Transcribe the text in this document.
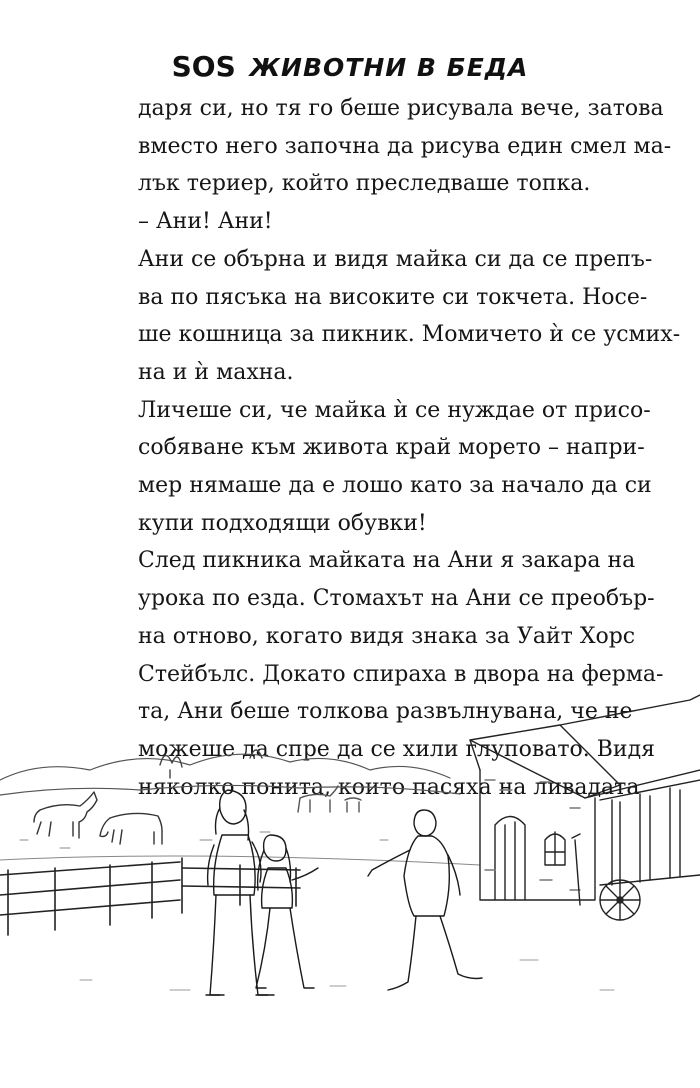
SOS ЖИВОТНИ В БЕДА

даря си, но тя го беше рисувала вече, затова
вместо него започна да рисува един смел ма-
лък териер, който преследваше топка.

– Ани! Ани!

Ани се обърна и видя майка си да се препъ-
ва по пясъка на високите си токчета. Носе-
ше кошница за пикник. Момичето ѝ се усмих-
на и ѝ махна.

Личеше си, че майка ѝ се нуждае от присо-
собяване към живота край морето – напри-
мер нямаше да е лошо като за начало да си
купи подходящи обувки!

След пикника майката на Ани я закара на
урока по езда. Стомахът на Ани се преобър-
на отново, когато видя знака за Уайт Хорс
Стейбълс. Докато спираха в двора на ферма-
та, Ани беше толкова развълнувана, че не
можеше да спре да се хили глуповато. Видя
няколко понита, които пасяха на ливадата
